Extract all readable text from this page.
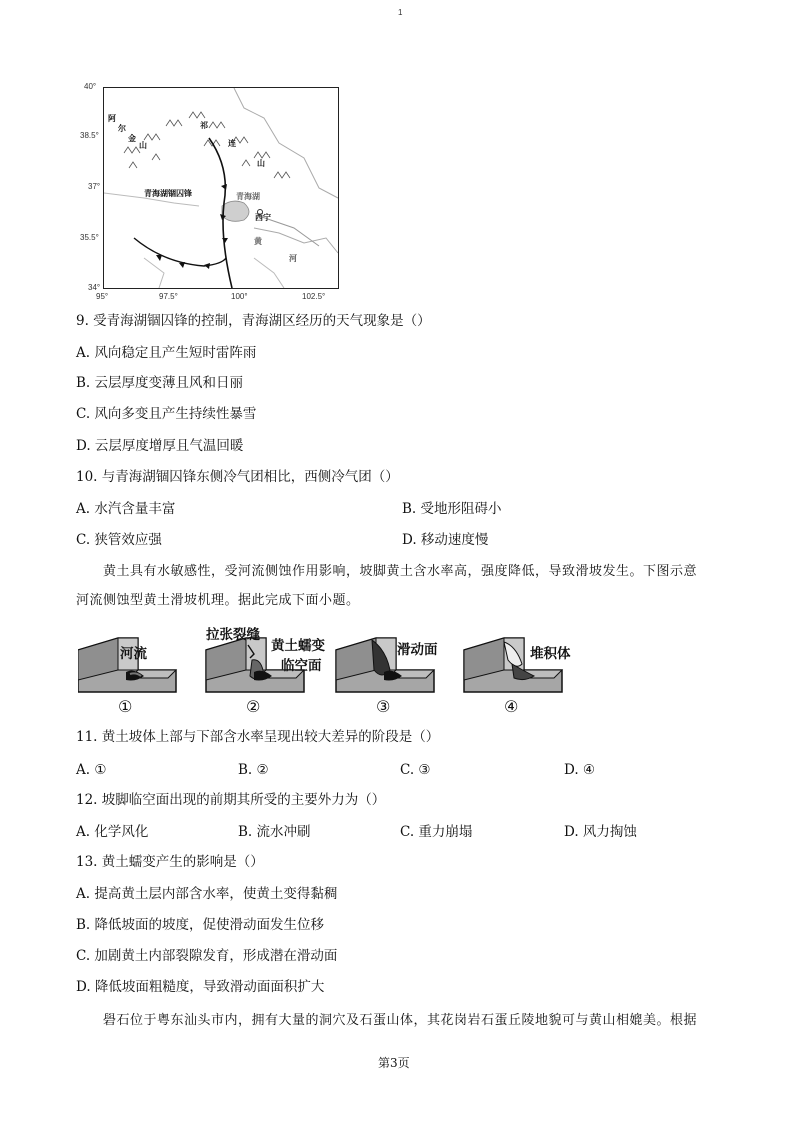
1
40°
38.5°
37°
35.5°
34°
95°	97.5°	100°	102.5°
阿
尔
金
山
祁
连
山
青海湖锢囚锋	青海湖
西宁
黄
河
9. 受青海湖锢囚锋的控制，青海湖区经历的天气现象是（）
A. 风向稳定且产生短时雷阵雨
B. 云层厚度变薄且风和日丽
C. 风向多变且产生持续性暴雪
D. 云层厚度增厚且气温回暖
10. 与青海湖锢囚锋东侧冷气团相比，西侧冷气团（）
A. 水汽含量丰富	B. 受地形阻碍小
C. 狭管效应强	D. 移动速度慢
黄土具有水敏感性，受河流侧蚀作用影响，坡脚黄土含水率高，强度降低，导致滑坡发生。下图示意
河流侧蚀型黄土滑坡机理。据此完成下面小题。
河流
拉张裂缝
黄土蠕变
临空面
滑动面	堆积体
①	②	③	④
11. 黄土坡体上部与下部含水率呈现出较大差异的阶段是（）
A. ①	B. ②	C. ③	D. ④
12. 坡脚临空面出现的前期其所受的主要外力为（）
A. 化学风化	B. 流水冲刷	C. 重力崩塌	D. 风力掏蚀
13. 黄土蠕变产生的影响是（）
A. 提高黄土层内部含水率，使黄土变得黏稠
B. 降低坡面的坡度，促使滑动面发生位移
C. 加剧黄土内部裂隙发育，形成潜在滑动面
D. 降低坡面粗糙度，导致滑动面面积扩大
礐石位于粤东汕头市内，拥有大量的洞穴及石蛋山体，其花岗岩石蛋丘陵地貌可与黄山相媲美。根据
第3页
